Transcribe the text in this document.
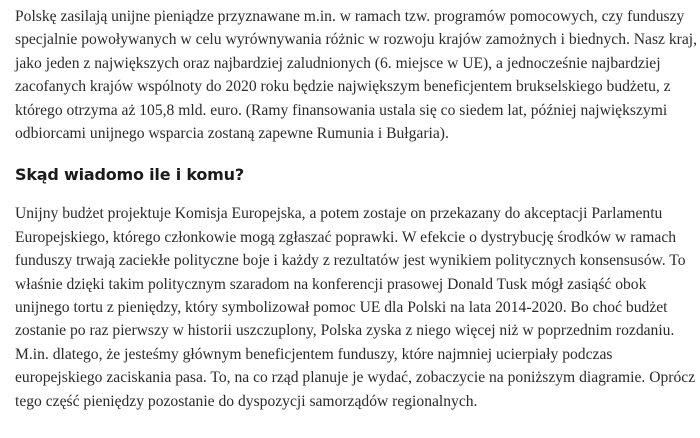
Polskę zasilają unijne pieniądze przyznawane m.in. w ramach tzw. programów pomocowych, czy funduszy
specjalnie powoływanych w celu wyrównywania różnic w rozwoju krajów zamożnych i biednych. Nasz kraj,
jako jeden z największych oraz najbardziej zaludnionych (6. miejsce w UE), a jednocześnie najbardziej
zacofanych krajów wspólnoty do 2020 roku będzie największym beneficjentem brukselskiego budżetu, z
którego otrzyma aż 105,8 mld. euro. (Ramy finansowania ustala się co siedem lat, później największymi
odbiorcami unijnego wsparcia zostaną zapewne Rumunia i Bułgaria).

Skąd wiadomo ile i komu?

Unijny budżet projektuje Komisja Europejska, a potem zostaje on przekazany do akceptacji Parlamentu
Europejskiego, którego członkowie mogą zgłaszać poprawki. W efekcie o dystrybucję środków w ramach
funduszy trwają zaciekłe polityczne boje i każdy z rezultatów jest wynikiem politycznych konsensusów. To
właśnie dzięki takim politycznym szaradom na konferencji prasowej Donald Tusk mógł zasiąść obok
unijnego tortu z pieniędzy, który symbolizował pomoc UE dla Polski na lata 2014-2020. Bo choć budżet
zostanie po raz pierwszy w historii uszczuplony, Polska zyska z niego więcej niż w poprzednim rozdaniu.
M.in. dlatego, że jesteśmy głównym beneficjentem funduszy, które najmniej ucierpiały podczas
europejskiego zaciskania pasa. To, na co rząd planuje je wydać, zobaczycie na poniższym diagramie. Oprócz
tego część pieniędzy pozostanie do dyspozycji samorządów regionalnych.
